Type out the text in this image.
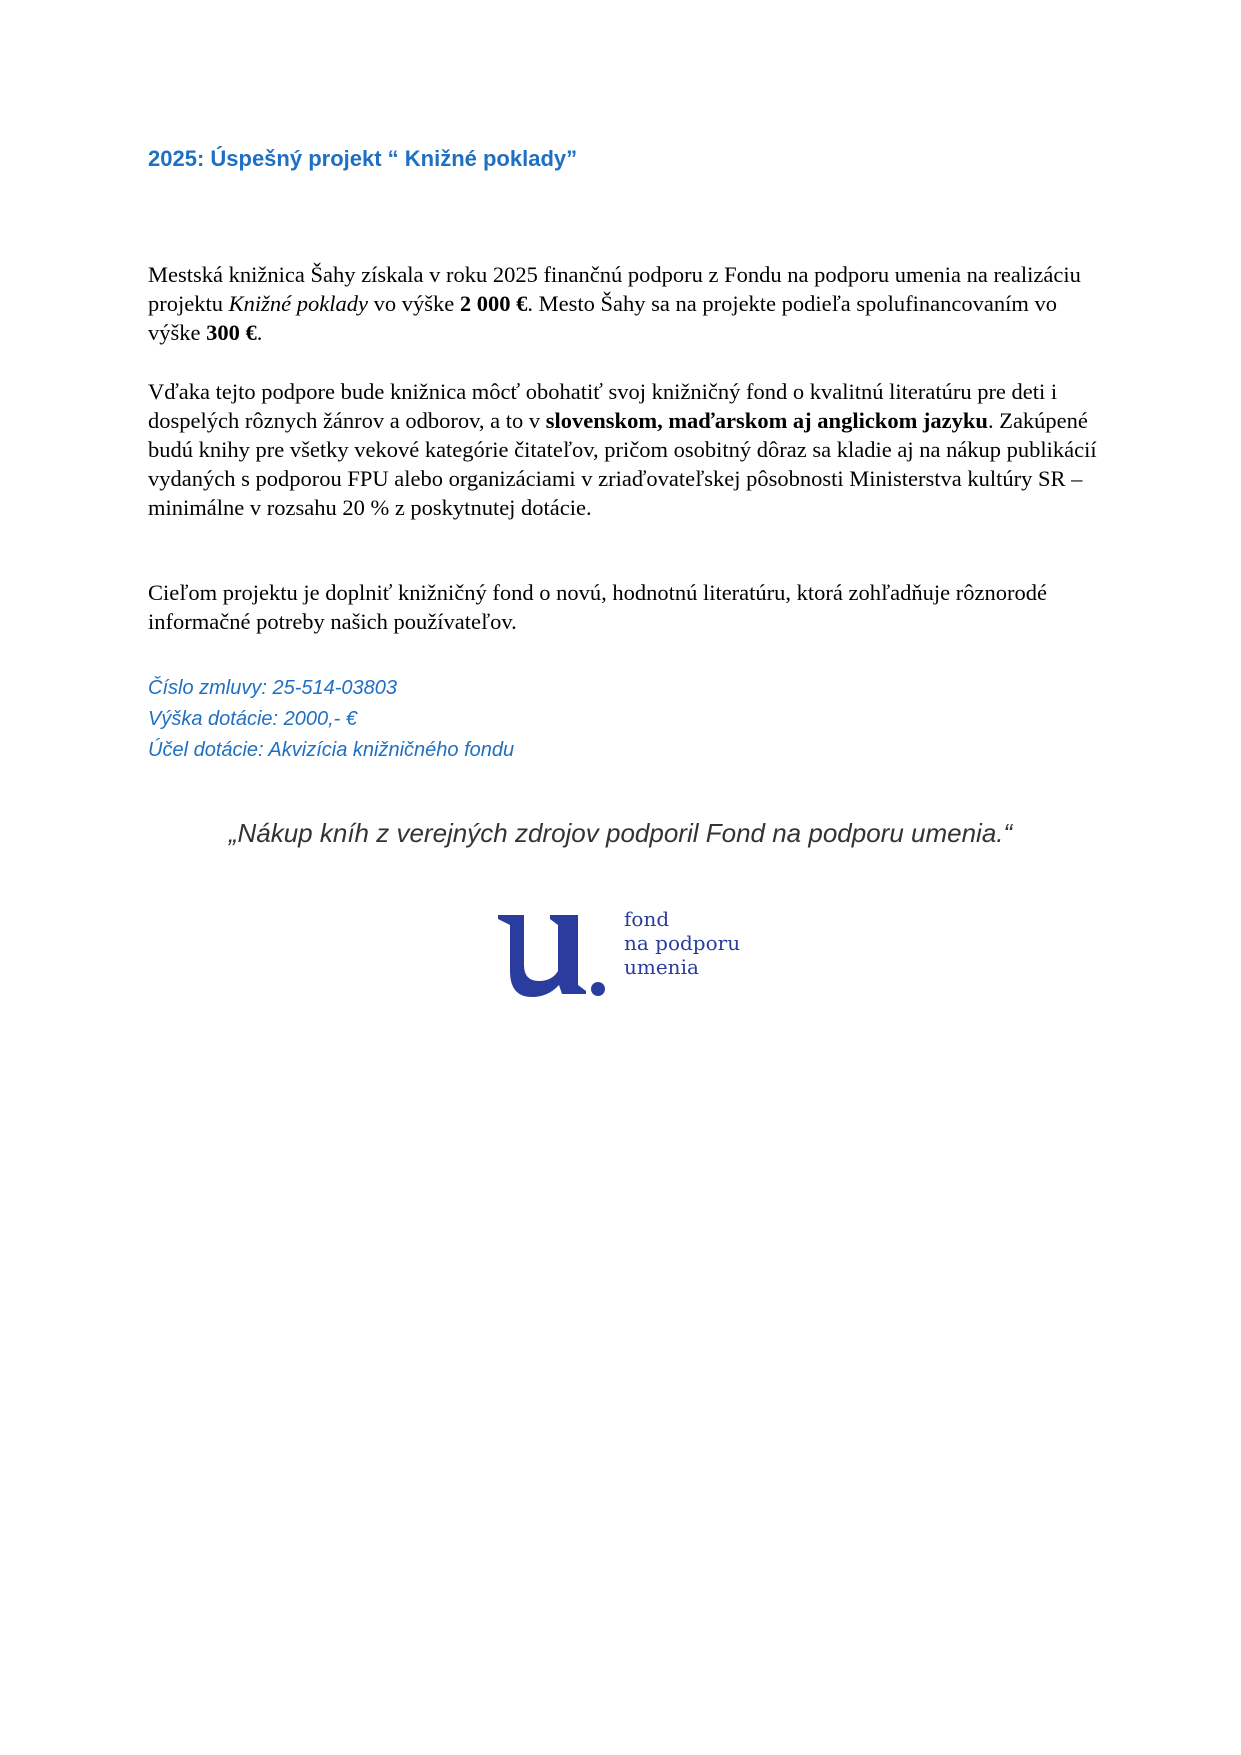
2025: Úspešný projekt “ Knižné poklady”

Mestská knižnica Šahy získala v roku 2025 finančnú podporu z Fondu na podporu umenia na realizáciu projektu Knižné poklady vo výške 2 000 €. Mesto Šahy sa na projekte podieľa spolufinancovaním vo výške 300 €.

Vďaka tejto podpore bude knižnica môcť obohatiť svoj knižničný fond o kvalitnú literatúru pre deti i dospelých rôznych žánrov a odborov, a to v slovenskom, maďarskom aj anglickom jazyku. Zakúpené budú knihy pre všetky vekové kategórie čitateľov, pričom osobitný dôraz sa kladie aj na nákup publikácií vydaných s podporou FPU alebo organizáciami v zriaďovateľskej pôsobnosti Ministerstva kultúry SR – minimálne v rozsahu 20 % z poskytnutej dotácie.

Cieľom projektu je doplniť knižničný fond o novú, hodnotnú literatúru, ktorá zohľadňuje rôznorodé informačné potreby našich používateľov.

Číslo zmluvy: 25-514-03803
Výška dotácie: 2000,- €
Účel dotácie: Akvizícia knižničného fondu
„Nákup kníh z verejných zdrojov podporil Fond na podporu umenia.“
fond
na podporu
umenia
